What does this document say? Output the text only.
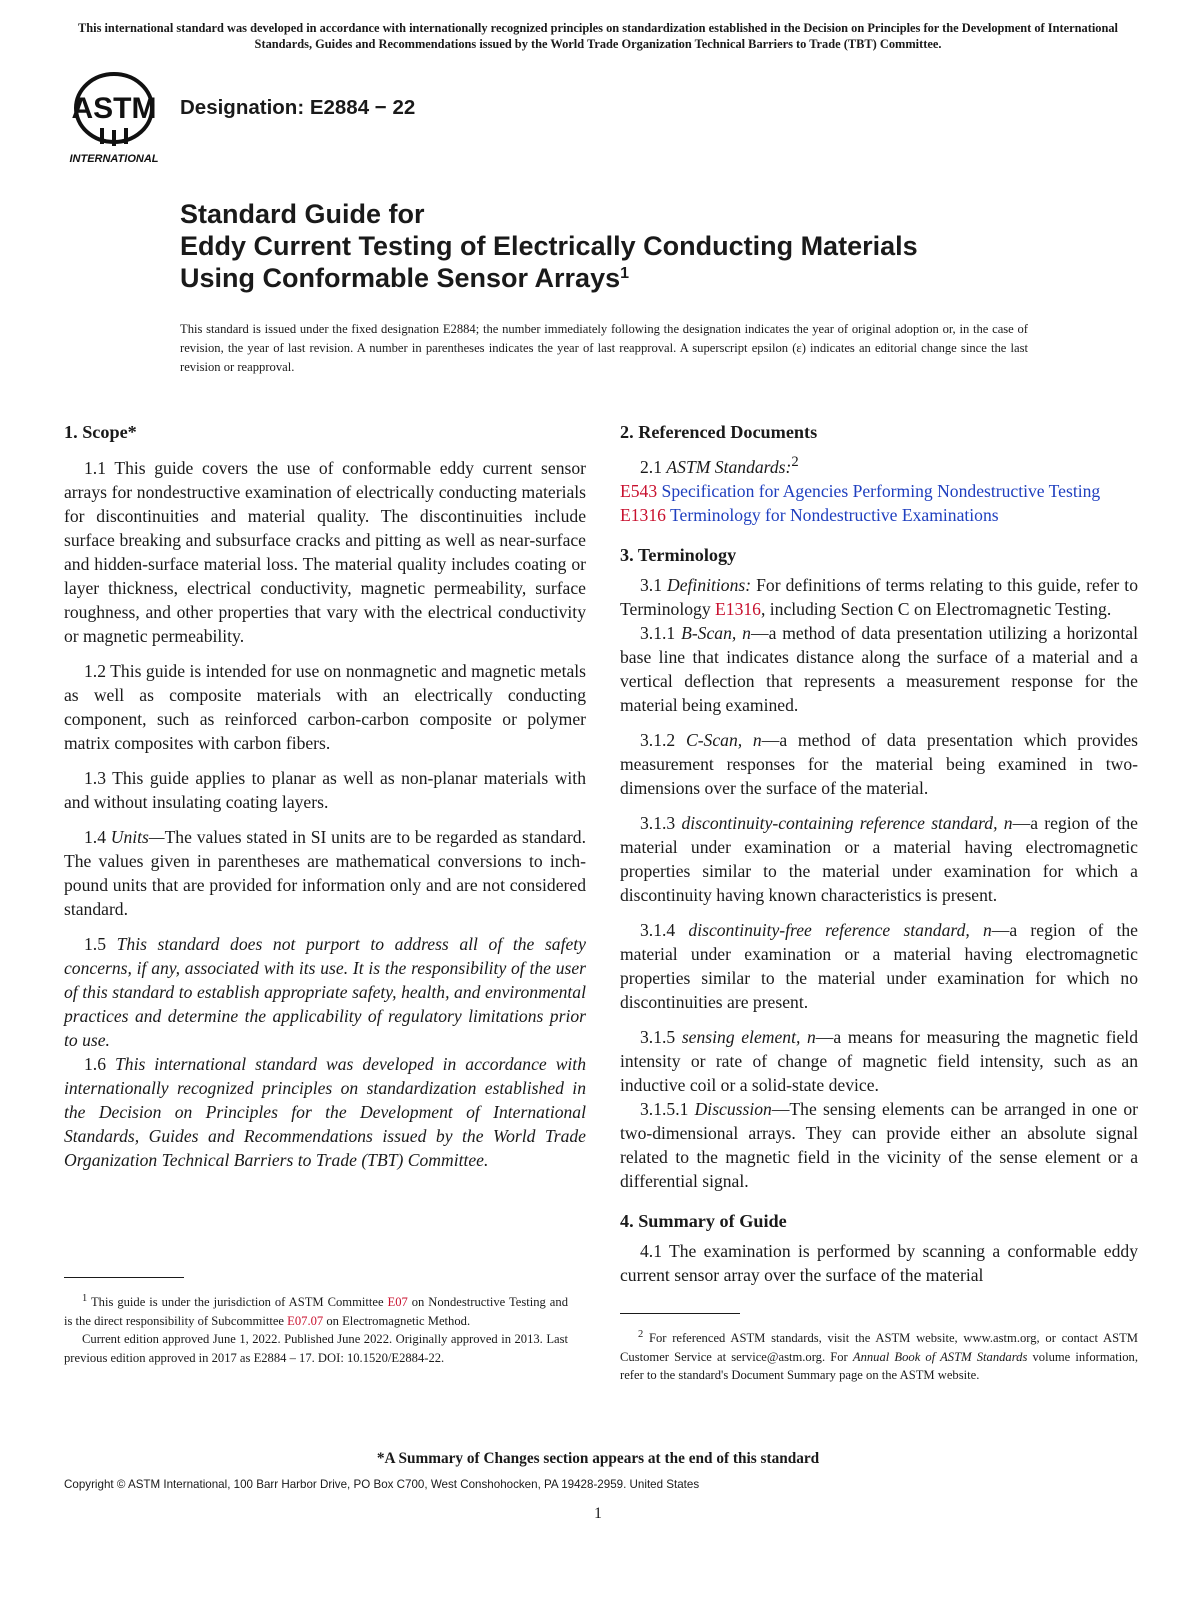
This international standard was developed in accordance with internationally recognized principles on standardization established in the Decision on Principles for the Development of International Standards, Guides and Recommendations issued by the World Trade Organization Technical Barriers to Trade (TBT) Committee.
ASTM
INTERNATIONAL
Designation: E2884 − 22
Standard Guide for
Eddy Current Testing of Electrically Conducting Materials
Using Conformable Sensor Arrays$^1$
This standard is issued under the fixed designation E2884; the number immediately following the designation indicates the year of original adoption or, in the case of revision, the year of last revision. A number in parentheses indicates the year of last reapproval. A superscript epsilon (ε) indicates an editorial change since the last revision or reapproval.
1. Scope*

1.1 This guide covers the use of conformable eddy current sensor arrays for nondestructive examination of electrically conducting materials for discontinuities and material quality. The discontinuities include surface breaking and subsurface cracks and pitting as well as near-surface and hidden-surface material loss. The material quality includes coating or layer thickness, electrical conductivity, magnetic permeability, surface roughness, and other properties that vary with the electrical conductivity or magnetic permeability.

1.2 This guide is intended for use on nonmagnetic and magnetic metals as well as composite materials with an electrically conducting component, such as reinforced carbon-carbon composite or polymer matrix composites with carbon fibers.

1.3 This guide applies to planar as well as non-planar materials with and without insulating coating layers.

1.4 Units—The values stated in SI units are to be regarded as standard. The values given in parentheses are mathematical conversions to inch-pound units that are provided for information only and are not considered standard.

1.5 This standard does not purport to address all of the safety concerns, if any, associated with its use. It is the responsibility of the user of this standard to establish appropriate safety, health, and environmental practices and determine the applicability of regulatory limitations prior to use.

1.6 This international standard was developed in accordance with internationally recognized principles on standardization established in the Decision on Principles for the Development of International Standards, Guides and Recommendations issued by the World Trade Organization Technical Barriers to Trade (TBT) Committee.

2. Referenced Documents

2.1 ASTM Standards:$^2$

E543 Specification for Agencies Performing Nondestructive Testing

E1316 Terminology for Nondestructive Examinations

3. Terminology

3.1 Definitions: For definitions of terms relating to this guide, refer to Terminology E1316, including Section C on Electromagnetic Testing.

3.1.1 B-Scan, n—a method of data presentation utilizing a horizontal base line that indicates distance along the surface of a material and a vertical deflection that represents a measurement response for the material being examined.

3.1.2 C-Scan, n—a method of data presentation which provides measurement responses for the material being examined in two-dimensions over the surface of the material.

3.1.3 discontinuity-containing reference standard, n—a region of the material under examination or a material having electromagnetic properties similar to the material under examination for which a discontinuity having known characteristics is present.

3.1.4 discontinuity-free reference standard, n—a region of the material under examination or a material having electromagnetic properties similar to the material under examination for which no discontinuities are present.

3.1.5 sensing element, n—a means for measuring the magnetic field intensity or rate of change of magnetic field intensity, such as an inductive coil or a solid-state device.

3.1.5.1 Discussion—The sensing elements can be arranged in one or two-dimensional arrays. They can provide either an absolute signal related to the magnetic field in the vicinity of the sense element or a differential signal.

4. Summary of Guide

4.1 The examination is performed by scanning a conformable eddy current sensor array over the surface of the material

$^1$ This guide is under the jurisdiction of ASTM Committee E07 on Nondestructive Testing and is the direct responsibility of Subcommittee E07.07 on Electromagnetic Method.

Current edition approved June 1, 2022. Published June 2022. Originally approved in 2013. Last previous edition approved in 2017 as E2884 – 17. DOI: 10.1520/E2884-22.

$^2$ For referenced ASTM standards, visit the ASTM website, www.astm.org, or contact ASTM Customer Service at service@astm.org. For Annual Book of ASTM Standards volume information, refer to the standard's Document Summary page on the ASTM website.

*A Summary of Changes section appears at the end of this standard
Copyright © ASTM International, 100 Barr Harbor Drive, PO Box C700, West Conshohocken, PA 19428-2959. United States
1
